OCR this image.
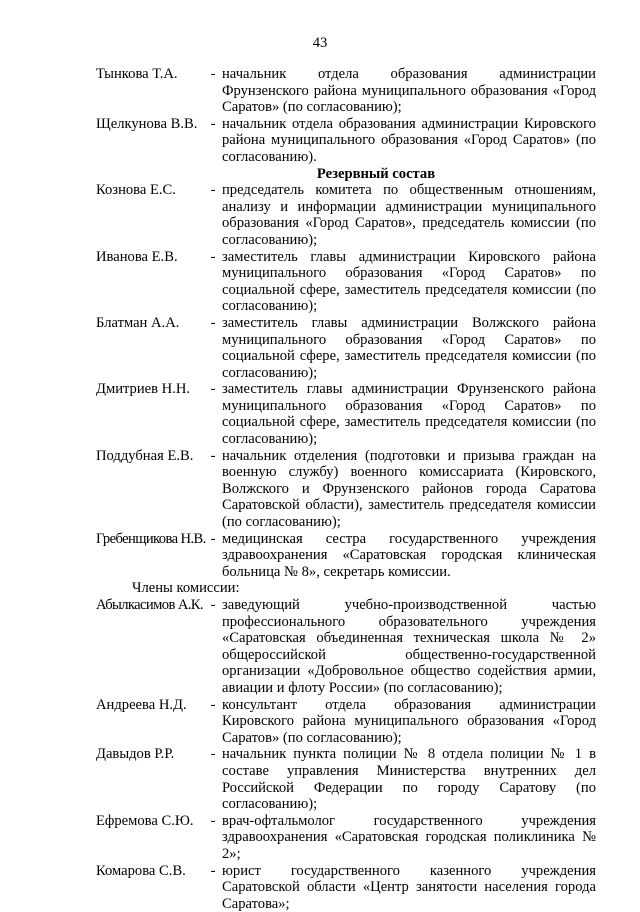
43
Тынкова Т.А.	- начальник отдела образования администрации Фрунзенского района муниципального образования «Город Саратов» (по согласованию);
Щелкунова В.В. - начальник отдела образования администрации Кировского района муниципального образования «Город Саратов» (по согласованию).
Резервный состав
Кознова Е.С.	- председатель комитета по общественным отношениям, анализу и информации администрации муниципального образования «Город Саратов», председатель комиссии (по согласованию);
Иванова Е.В.	- заместитель главы администрации Кировского района муниципального образования «Город Саратов» по социальной сфере, заместитель председателя комиссии (по согласованию);
Блатман А.А.	- заместитель главы администрации Волжского района муниципального образования «Город Саратов» по социальной сфере, заместитель председателя комиссии (по согласованию);
Дмитриев Н.Н.	- заместитель главы администрации Фрунзенского района муниципального образования «Город Саратов» по социальной сфере, заместитель председателя комиссии (по согласованию);
Поддубная Е.В.	- начальник отделения (подготовки и призыва граждан на военную службу) военного комиссариата (Кировского, Волжского и Фрунзенского районов города Саратова Саратовской области), заместитель председателя комиссии (по согласованию);
Гребенщикова Н.В. - медицинская сестра государственного учреждения здравоохранения «Саратовская городская клиническая больница № 8», секретарь комиссии.
Члены комиссии:
Абылкасимов А.К. - заведующий учебно-производственной частью профессионального образовательного учреждения «Саратовская объединенная техническая школа № 2» общероссийской общественно-государственной организации «Добровольное общество содействия армии, авиации и флоту России» (по согласованию);
Андреева Н.Д.	- консультант отдела образования администрации Кировского района муниципального образования «Город Саратов» (по согласованию);
Давыдов Р.Р.	- начальник пункта полиции № 8 отдела полиции № 1 в составе управления Министерства внутренних дел Российской Федерации по городу Саратову (по согласованию);
Ефремова С.Ю.	- врач-офтальмолог государственного учреждения здравоохранения «Саратовская городская поликлиника № 2»;
Комарова С.В.	- юрист государственного казенного учреждения Саратовской области «Центр занятости населения города Саратова»;
